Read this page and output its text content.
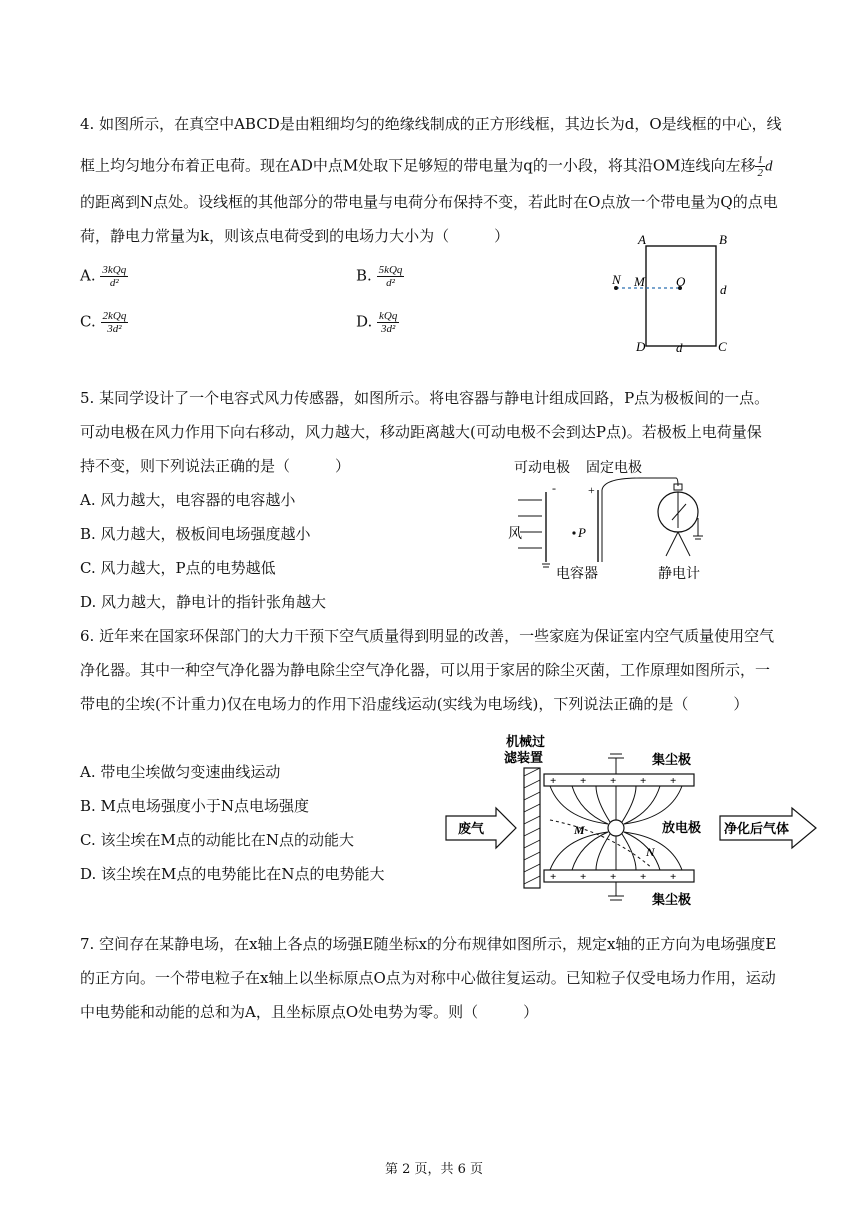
4. 如图所示，在真空中ABCD是由粗细均匀的绝缘线制成的正方形线框，其边长为d，O是线框的中心，线
框上均匀地分布着正电荷。现在AD中点M处取下足够短的带电量为q的一小段，将其沿OM连线向左移 $\frac{1}{2}$ d
的距离到N点处。设线框的其他部分的带电量与电荷分布保持不变，若此时在O点放一个带电量为Q的点电
荷，静电力常量为k，则该点电荷受到的电场力大小为（　　　）
A. $\frac{\text{3kQq}}{\text{d²}}$	B. $\frac{\text{5kQq}}{\text{d²}}$
C. $\frac{\text{2kQq}}{\text{3d²}}$	D. $\frac{\text{kQq}}{\text{3d²}}$
A	B
D	C
N M O
d
d
5. 某同学设计了一个电容式风力传感器，如图所示。将电容器与静电计组成回路，P点为极板间的一点。
可动电极在风力作用下向右移动，风力越大，移动距离越大(可动电极不会到达P点)。若极板上电荷量保
持不变，则下列说法正确的是（　　　）
A. 风力越大，电容器的电容越小
B. 风力越大，极板间电场强度越小
C. 风力越大，P点的电势越低
D. 风力越大，静电计的指针张角越大
可动电极 固定电极
-
风
+
P
电容器	静电计
6. 近年来在国家环保部门的大力干预下空气质量得到明显的改善，一些家庭为保证室内空气质量使用空气
净化器。其中一种空气净化器为静电除尘空气净化器，可以用于家居的除尘灭菌，工作原理如图所示，一
带电的尘埃(不计重力)仅在电场力的作用下沿虚线运动(实线为电场线)，下列说法正确的是（　　　）
A. 带电尘埃做匀变速曲线运动
B. M点电场强度小于N点电场强度
C. 该尘埃在M点的动能比在N点的动能大
D. 该尘埃在M点的电势能比在N点的电势能大
机械过
滤装置
废气
+ + + + +
集尘极
+ + + + +
集尘极
M
N
放电极 净化后气体
7. 空间存在某静电场，在x轴上各点的场强E随坐标x的分布规律如图所示，规定x轴的正方向为电场强度E
的正方向。一个带电粒子在x轴上以坐标原点O点为对称中心做往复运动。已知粒子仅受电场力作用，运动
中电势能和动能的总和为A，且坐标原点O处电势为零。则（　　　）
第 2 页，共 6 页
